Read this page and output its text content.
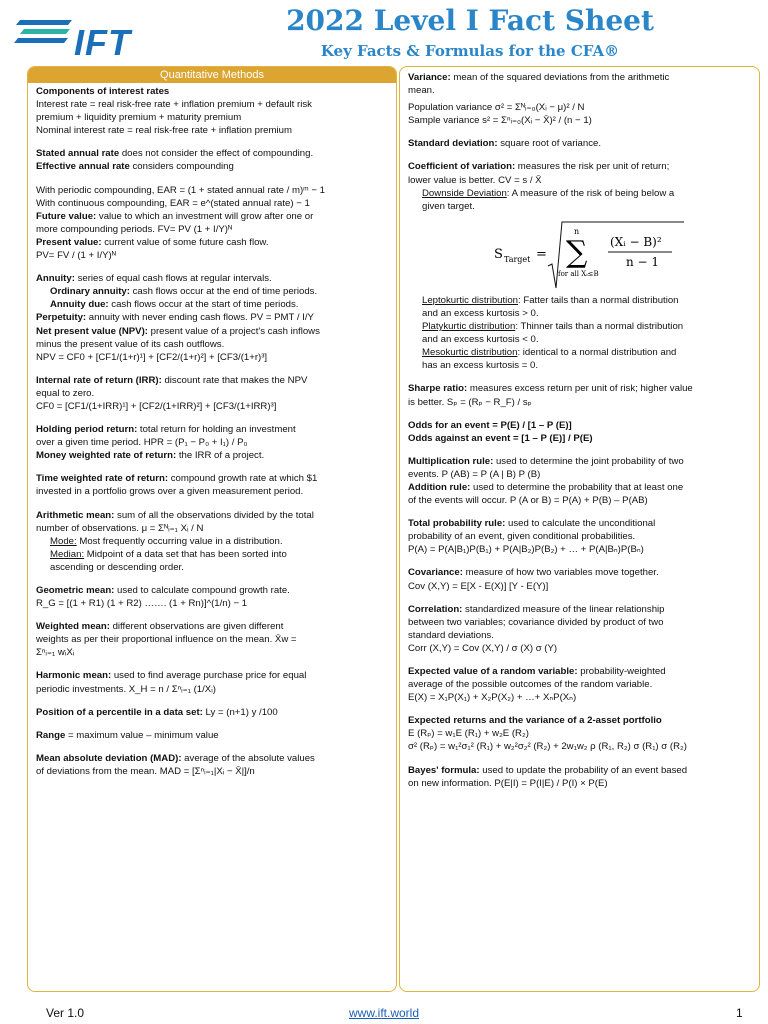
IFT
2022 Level I Fact Sheet
Key Facts & Formulas for the CFA®
Quantitative Methods
Components of interest rates
Interest rate = real risk-free rate + inflation premium + default risk
premium + liquidity premium + maturity premium
Nominal interest rate = real risk-free rate + inflation premium
Stated annual rate does not consider the effect of compounding.
Effective annual rate considers compounding
With periodic compounding, EAR = (1 + stated annual rate / m)ᵐ − 1
With continuous compounding, EAR = e^(stated annual rate) − 1
Future value: value to which an investment will grow after one or
more compounding periods. FV= PV (1 + I/Y)ᴺ
Present value: current value of some future cash flow.
PV= FV / (1 + I/Y)ᴺ
Annuity: series of equal cash flows at regular intervals.
• Ordinary annuity: cash flows occur at the end of time periods.
• Annuity due: cash flows occur at the start of time periods.
Perpetuity: annuity with never ending cash flows. PV = PMT / I/Y
Net present value (NPV): present value of a project's cash inflows
minus the present value of its cash outflows.
NPV = CF0 + [CF1/(1+r)¹] + [CF2/(1+r)²] + [CF3/(1+r)³]
Internal rate of return (IRR): discount rate that makes the NPV
equal to zero.
CF0 = [CF1/(1+IRR)¹] + [CF2/(1+IRR)²] + [CF3/(1+IRR)³]
Holding period return: total return for holding an investment
over a given time period. HPR = (P₁ − P₀ + I₁) / P₀
Money weighted rate of return: the IRR of a project.
Time weighted rate of return: compound growth rate at which $1
invested in a portfolio grows over a given measurement period.
Arithmetic mean: sum of all the observations divided by the total
number of observations. μ = Σᴺᵢ₌₁ Xᵢ / N
• Mode: Most frequently occurring value in a distribution.
• Median: Midpoint of a data set that has been sorted into
ascending or descending order.
Geometric mean: used to calculate compound growth rate.
R_G = [(1 + R1) (1 + R2) ……. (1 + Rn)]^(1/n) − 1
Weighted mean: different observations are given different
weights as per their proportional influence on the mean. X̄w =
Σⁿᵢ₌₁ wᵢXᵢ
Harmonic mean: used to find average purchase price for equal
periodic investments. X_H = n / Σⁿᵢ₌₁ (1/Xᵢ)
Position of a percentile in a data set: Ly = (n+1) y /100
Range = maximum value – minimum value
Mean absolute deviation (MAD): average of the absolute values
of deviations from the mean. MAD = [Σⁿᵢ₌₁|Xᵢ − X̄|]/n
Variance: mean of the squared deviations from the arithmetic
mean.
Population variance σ² = Σᴺᵢ₌₀(Xᵢ − μ)² / N
Sample variance s² = Σⁿᵢ₌₀(Xᵢ − X̄)² / (n − 1)
Standard deviation: square root of variance.
Coefficient of variation: measures the risk per unit of return;
lower value is better. CV = s / X̄
• Downside Deviation: A measure of the risk of being below a
given target.
S Target =
n
∑
for all Xᵢ≤B
(Xᵢ − B)²
n − 1
• Leptokurtic distribution: Fatter tails than a normal distribution
and an excess kurtosis > 0.
• Platykurtic distribution: Thinner tails than a normal distribution
and an excess kurtosis < 0.
• Mesokurtic distribution: identical to a normal distribution and
has an excess kurtosis = 0.
Sharpe ratio: measures excess return per unit of risk; higher value
is better. Sₚ = (Rₚ − R_F) / sₚ
Odds for an event = P(E) / [1 – P (E)]
Odds against an event = [1 – P (E)] / P(E)
Multiplication rule: used to determine the joint probability of two
events. P (AB) = P (A | B) P (B)
Addition rule: used to determine the probability that at least one
of the events will occur. P (A or B) = P(A) + P(B) – P(AB)
Total probability rule: used to calculate the unconditional
probability of an event, given conditional probabilities.
P(A) = P(A|B₁)P(B₁) + P(A|B₂)P(B₂) + … + P(A|Bₙ)P(Bₙ)
Covariance: measure of how two variables move together.
Cov (X,Y) = E[X - E(X)] [Y - E(Y)]
Correlation: standardized measure of the linear relationship
between two variables; covariance divided by product of two
standard deviations.
Corr (X,Y) = Cov (X,Y) / σ (X) σ (Y)
Expected value of a random variable: probability-weighted
average of the possible outcomes of the random variable.
E(X) = X₁P(X₁) + X₂P(X₂) + …+ XₙP(Xₙ)
Expected returns and the variance of a 2-asset portfolio
E (Rₚ) = w₁E (R₁) + w₂E (R₂)
σ² (Rₚ) = w₁²σ₁² (R₁) + w₂²σ₂² (R₂) + 2w₁w₂ ρ (R₁, R₂) σ (R₁) σ (R₂)
Bayes' formula: used to update the probability of an event based
on new information. P(E|I) = P(I|E) / P(I) × P(E)
Ver 1.0	www.ift.world	1
